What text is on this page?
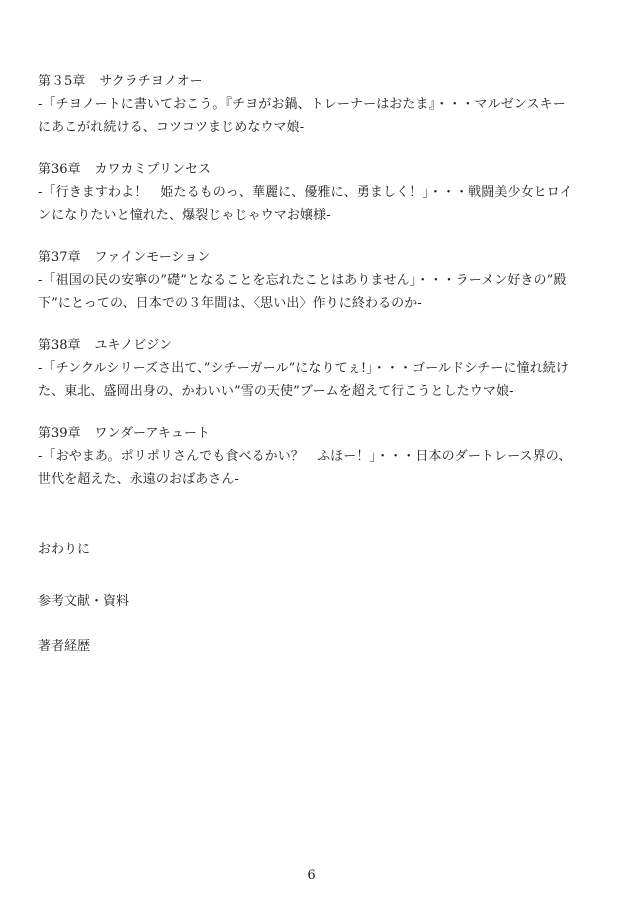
第３5章 サクラチヨノオー
-「チヨノートに書いておこう。『チヨがお鍋、トレーナーはおたま』・・・マルゼンスキー
にあこがれ続ける、コツコツまじめなウマ娘-
第36章 カワカミプリンセス
-「行きますわよ！　姫たるものっ、華麗に、優雅に、勇ましく！」・・・戦闘美少女ヒロイ
ンになりたいと憧れた、爆裂じゃじゃウマお嬢様-
第37章 ファインモーション
-「祖国の民の安寧の”礎”となることを忘れたことはありません」・・・ラーメン好きの”殿
下”にとっての、日本での３年間は、〈思い出〉作りに終わるのか-
第38章 ユキノビジン
-「チンクルシリーズさ出て、”シチーガール”になりてぇ!」・・・ゴールドシチーに憧れ続け
た、東北、盛岡出身の、かわいい”雪の天使”ブームを超えて行こうとしたウマ娘-
第39章 ワンダーアキュート
-「おやまあ。ポリポリさんでも食べるかい？　ふほー！」・・・日本のダートレース界の、
世代を超えた、永遠のおばあさん-
おわりに
参考文献・資料
著者経歴
6
